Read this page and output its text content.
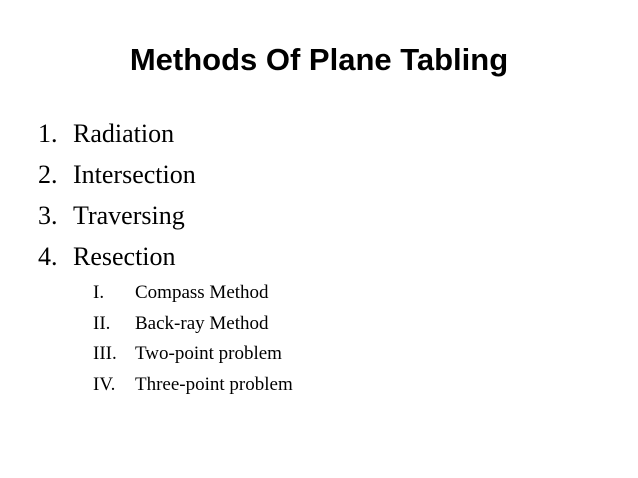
Methods Of Plane Tabling
1. Radiation
2. Intersection
3. Traversing
4. Resection
I. Compass Method
II. Back-ray Method
III. Two-point problem
IV. Three-point problem
